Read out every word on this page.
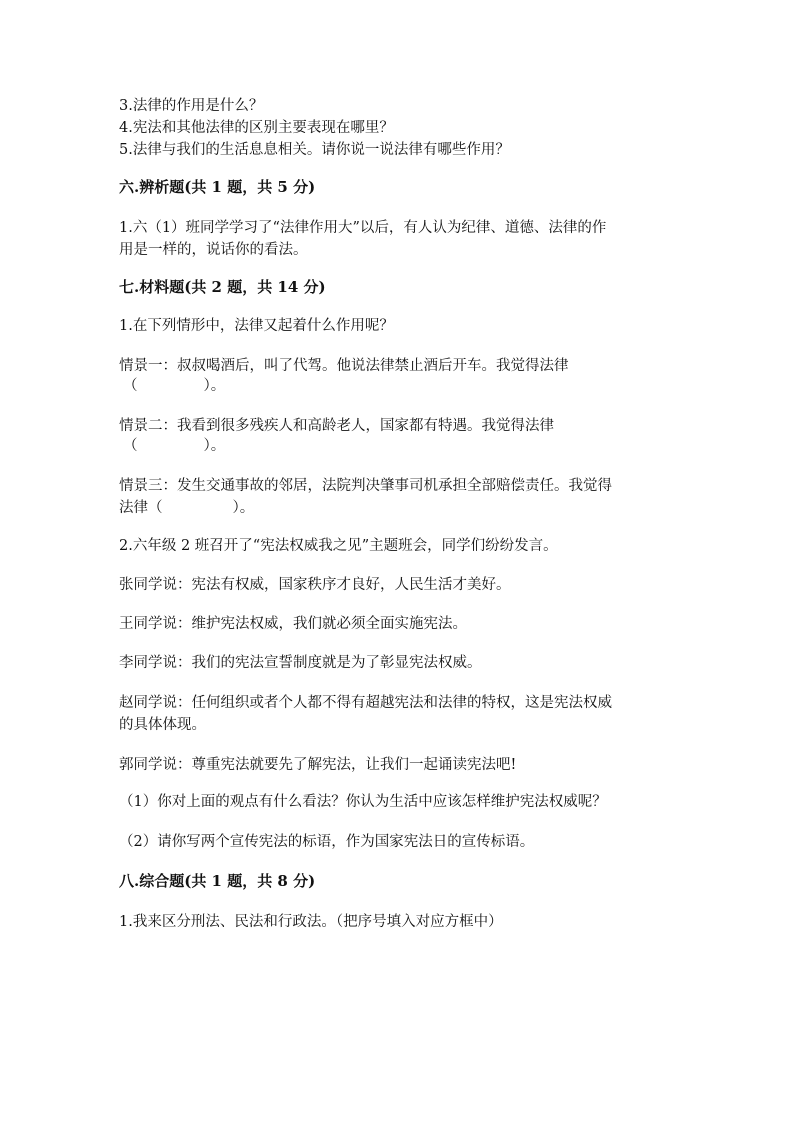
3.法律的作用是什么？
4.宪法和其他法律的区别主要表现在哪里？
5.法律与我们的生活息息相关。请你说一说法律有哪些作用？
六.辨析题(共 1 题，共 5 分)
1.六（1）班同学学习了“法律作用大”以后，有人认为纪律、道德、法律的作
用是一样的，说话你的看法。
七.材料题(共 2 题，共 14 分)
1.在下列情形中，法律又起着什么作用呢？
情景一：叔叔喝酒后，叫了代驾。他说法律禁止酒后开车。我觉得法律
（	）。
情景二：我看到很多残疾人和高龄老人，国家都有特遇。我觉得法律
（	）。
情景三：发生交通事故的邻居，法院判决肇事司机承担全部赔偿责任。我觉得
法律（	）。
2.六年级 2 班召开了“宪法权威我之见”主题班会，同学们纷纷发言。
张同学说：宪法有权威，国家秩序才良好，人民生活才美好。
王同学说：维护宪法权威，我们就必须全面实施宪法。
李同学说：我们的宪法宣誓制度就是为了彰显宪法权威。
赵同学说：任何组织或者个人都不得有超越宪法和法律的特权，这是宪法权威
的具体体现。
郭同学说：尊重宪法就要先了解宪法，让我们一起诵读宪法吧!
（1）你对上面的观点有什么看法？你认为生活中应该怎样维护宪法权威呢？
（2）请你写两个宣传宪法的标语，作为国家宪法日的宣传标语。
八.综合题(共 1 题，共 8 分)
1.我来区分刑法、民法和行政法。（把序号填入对应方框中）
